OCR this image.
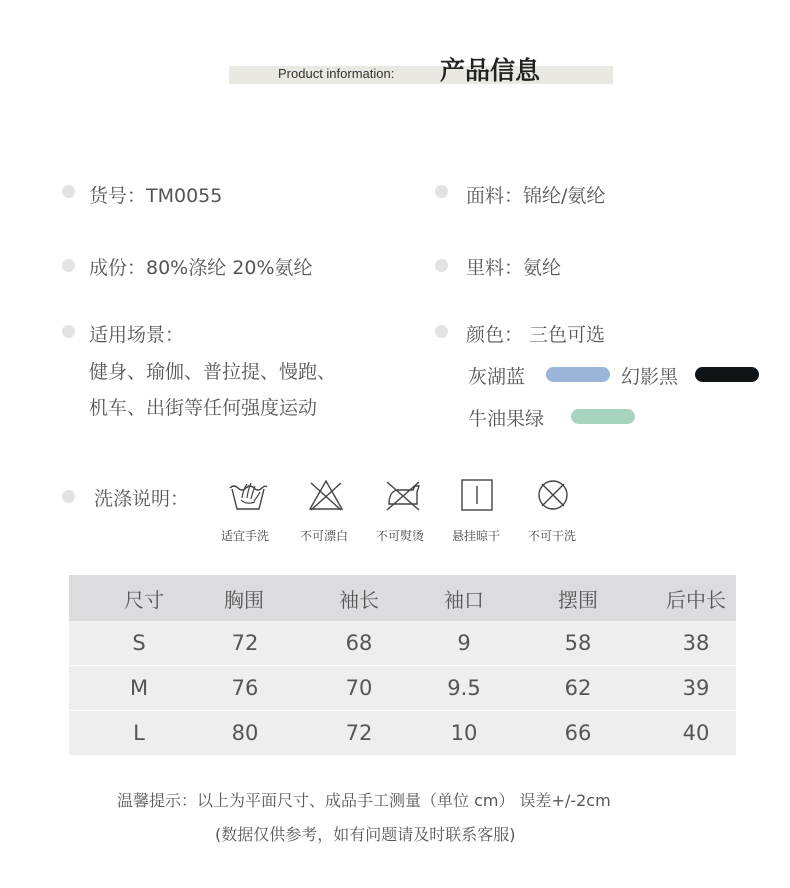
Product information: 产品信息
货号：TM0055	面料：锦纶/氨纶
成份：80%涤纶 20%氨纶	里料：氨纶
适用场景：
健身、瑜伽、普拉提、慢跑、
机车、出街等任何强度运动
颜色： 三色可选
灰湖蓝	幻影黑
牛油果绿
洗涤说明：
适宜手洗	不可漂白 不可熨烫 悬挂晾干 不可干洗
尺寸	胸围	袖长	袖口	摆围	后中长
S	72	68	9	58	38
M	76	70	9.5	62	39
L	80	72	10	66	40
温馨提示：以上为平面尺寸、成品手工测量（单位 cm） 误差+/-2cm
(数据仅供参考，如有问题请及时联系客服)
